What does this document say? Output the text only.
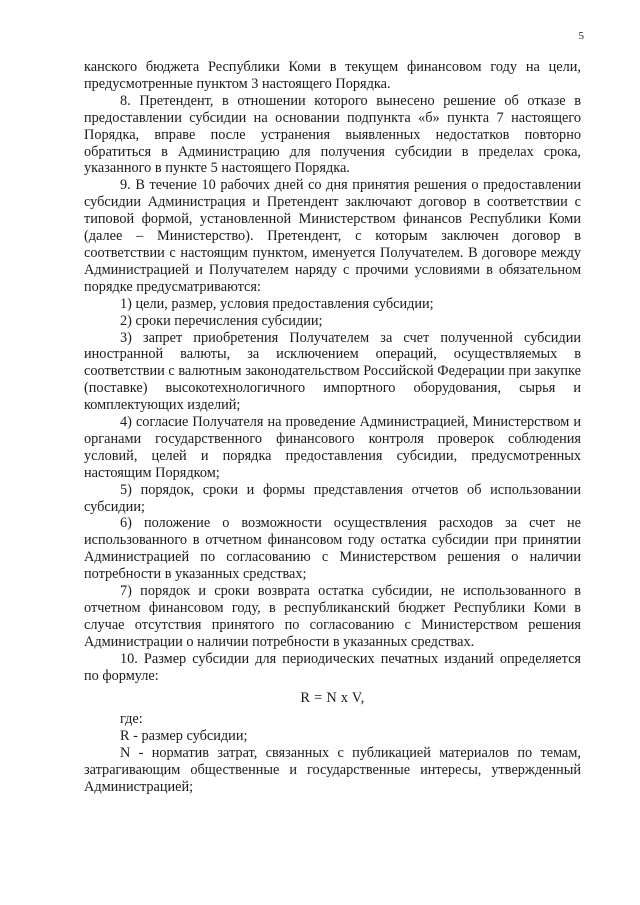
5

канского бюджета Республики Коми в текущем финансовом году на цели, предусмотренные пунктом 3 настоящего Порядка.

8. Претендент, в отношении которого вынесено решение об отказе в предоставлении субсидии на основании подпункта «б» пункта 7 настоящего Порядка, вправе после устранения выявленных недостатков повторно обратиться в Администрацию для получения субсидии в пределах срока, указанного в пункте 5 настоящего Порядка.

9. В течение 10 рабочих дней со дня принятия решения о предоставлении субсидии Администрация и Претендент заключают договор в соответствии с типовой формой, установленной Министерством финансов Республики Коми (далее – Министерство). Претендент, с которым заключен договор в соответствии с настоящим пунктом, именуется Получателем. В договоре между Администрацией и Получателем наряду с прочими условиями в обязательном порядке предусматриваются:

1) цели, размер, условия предоставления субсидии;

2) сроки перечисления субсидии;

3) запрет приобретения Получателем за счет полученной субсидии иностранной валюты, за исключением операций, осуществляемых в соответствии с валютным законодательством Российской Федерации при закупке (поставке) высокотехнологичного импортного оборудования, сырья и комплектующих изделий;

4) согласие Получателя на проведение Администрацией, Министерством и органами государственного финансового контроля проверок соблюдения условий, целей и порядка предоставления субсидии, предусмотренных настоящим Порядком;

5) порядок, сроки и формы представления отчетов об использовании субсидии;

6) положение о возможности осуществления расходов за счет не использованного в отчетном финансовом году остатка субсидии при принятии Администрацией по согласованию с Министерством решения о наличии потребности в указанных средствах;

7) порядок и сроки возврата остатка субсидии, не использованного в отчетном финансовом году, в республиканский бюджет Республики Коми в случае отсутствия принятого по согласованию с Министерством решения Администрации о наличии потребности в указанных средствах.

10. Размер субсидии для периодических печатных изданий определяется по формуле:

R = N x V,

где:

R - размер субсидии;

N - норматив затрат, связанных с публикацией материалов по темам, затрагивающим общественные и государственные интересы, утвержденный Администрацией;
